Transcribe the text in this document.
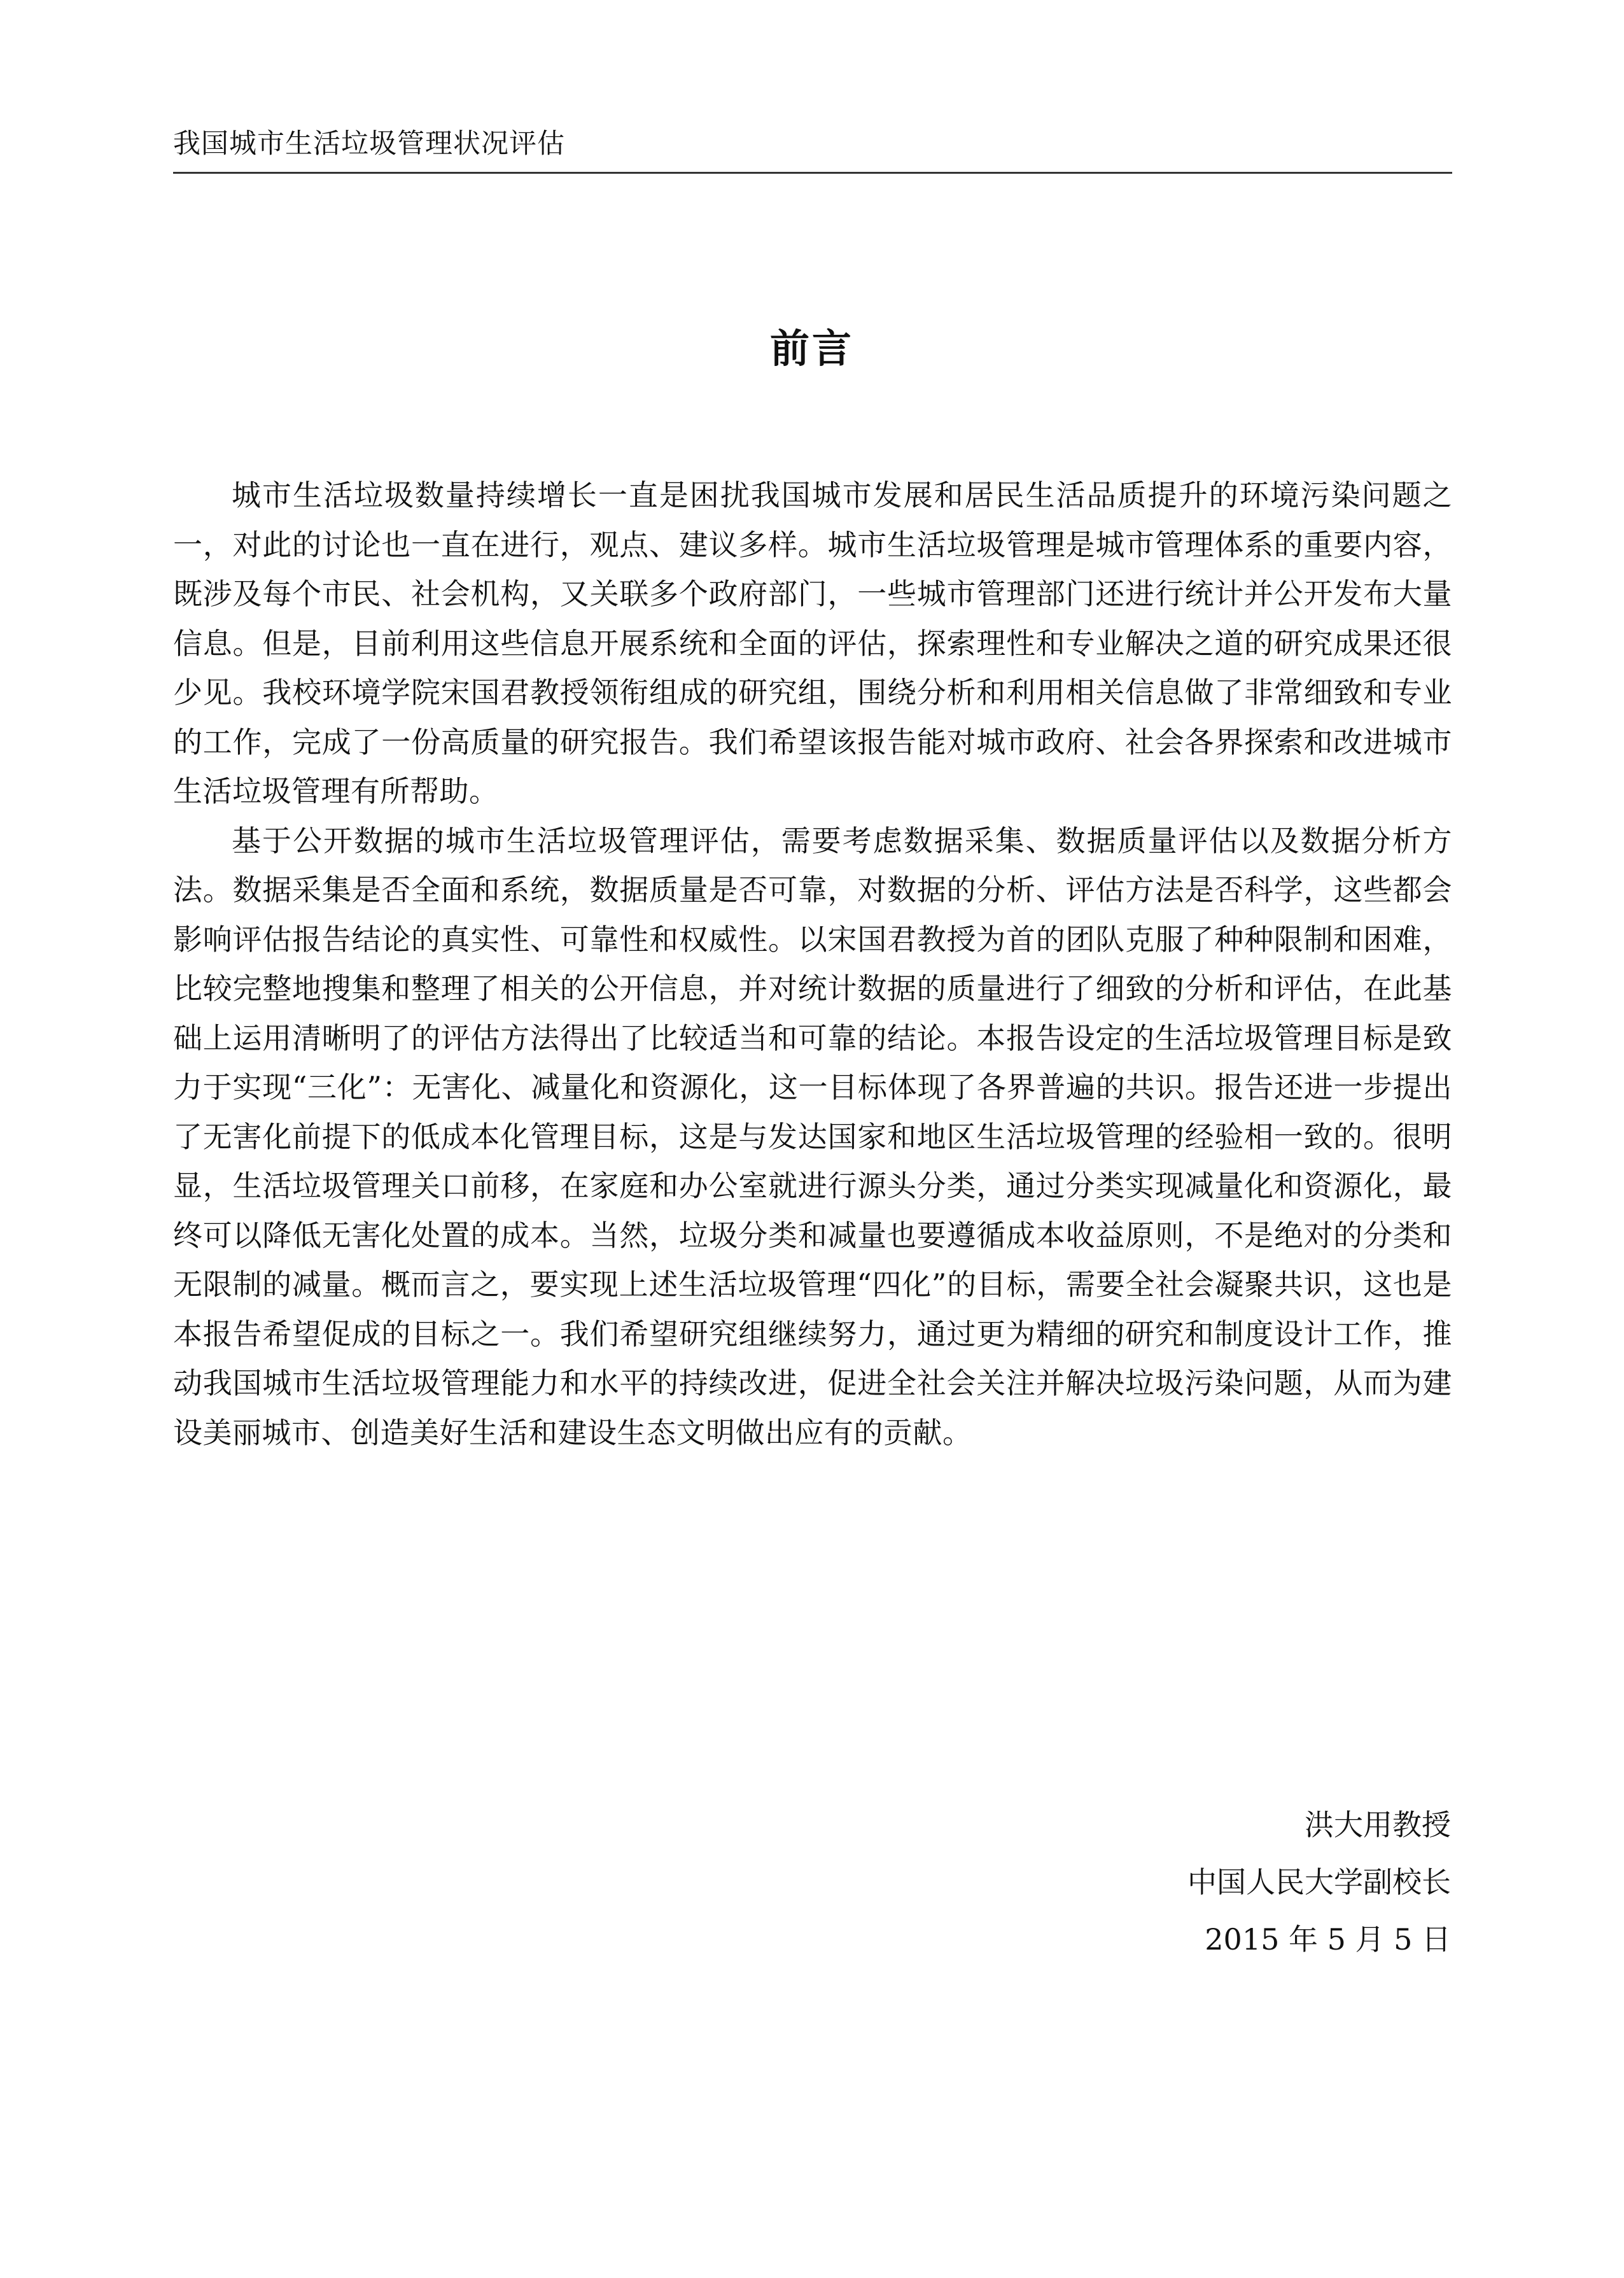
我国城市生活垃圾管理状况评估
前言

城市生活垃圾数量持续增长一直是困扰我国城市发展和居民生活品质提升的环境污染问题之一，对此的讨论也一直在进行，观点、建议多样。城市生活垃圾管理是城市管理体系的重要内容，既涉及每个市民、社会机构，又关联多个政府部门，一些城市管理部门还进行统计并公开发布大量信息。但是，目前利用这些信息开展系统和全面的评估，探索理性和专业解决之道的研究成果还很少见。我校环境学院宋国君教授领衔组成的研究组，围绕分析和利用相关信息做了非常细致和专业的工作，完成了一份高质量的研究报告。我们希望该报告能对城市政府、社会各界探索和改进城市生活垃圾管理有所帮助。

基于公开数据的城市生活垃圾管理评估，需要考虑数据采集、数据质量评估以及数据分析方法。数据采集是否全面和系统，数据质量是否可靠，对数据的分析、评估方法是否科学，这些都会影响评估报告结论的真实性、可靠性和权威性。以宋国君教授为首的团队克服了种种限制和困难，比较完整地搜集和整理了相关的公开信息，并对统计数据的质量进行了细致的分析和评估，在此基础上运用清晰明了的评估方法得出了比较适当和可靠的结论。本报告设定的生活垃圾管理目标是致力于实现“三化”：无害化、减量化和资源化，这一目标体现了各界普遍的共识。报告还进一步提出了无害化前提下的低成本化管理目标，这是与发达国家和地区生活垃圾管理的经验相一致的。很明显，生活垃圾管理关口前移，在家庭和办公室就进行源头分类，通过分类实现减量化和资源化，最终可以降低无害化处置的成本。当然，垃圾分类和减量也要遵循成本收益原则，不是绝对的分类和无限制的减量。概而言之，要实现上述生活垃圾管理“四化”的目标，需要全社会凝聚共识，这也是本报告希望促成的目标之一。我们希望研究组继续努力，通过更为精细的研究和制度设计工作，推动我国城市生活垃圾管理能力和水平的持续改进，促进全社会关注并解决垃圾污染问题，从而为建设美丽城市、创造美好生活和建设生态文明做出应有的贡献。

洪大用教授
中国人民大学副校长
2015 年 5 月 5 日
